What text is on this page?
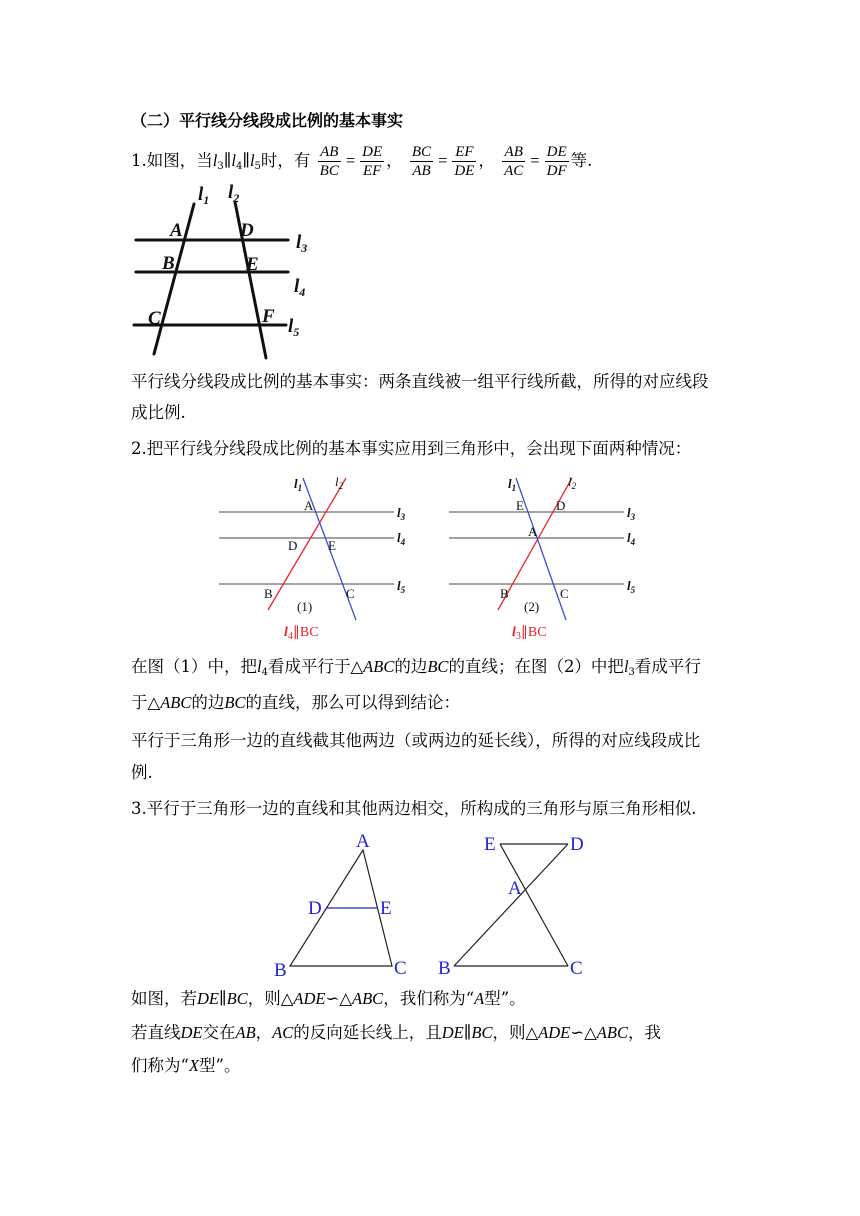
（二）平行线分线段成比例的基本事实
1.如图，当$l_3\parallel l_4\parallel l_5$时，有 $\frac{AB}{BC} = \frac{DE}{EF}$ ， $\frac{BC}{AB} = \frac{EF}{DE}$ ， $\frac{AB}{AC} = \frac{DE}{DF}$ 等.
$l_1$ $l_2$
$l_3$
$l_4$
$l_5$
A	D
B	E
C	F
平行线分线段成比例的基本事实：两条直线被一组平行线所截，所得的对应线段
成比例.
2.把平行线分线段成比例的基本事实应用到三角形中，会出现下面两种情况：
$l_1$	$l_2$
$l_3$
$l_4$
$l_5$
A
D E
B	C
(1)
$l_4\parallel BC$
$l_1$	$l_2$
$l_3$
$l_4$
$l_5$
E D
A
B	C
(2)
$l_3\parallel BC$
在图（1）中，把$l_4$看成平行于△ABC的边BC的直线；在图（2）中把$l_3$看成平行
于△ABC的边BC的直线，那么可以得到结论：
平行于三角形一边的直线截其他两边（或两边的延长线），所得的对应线段成比
例.
3.平行于三角形一边的直线和其他两边相交，所构成的三角形与原三角形相似.
A
D	E
B	C
E	D
A
B	C
如图，若DE∥BC，则△ADE∽△ABC，我们称为“A型”。
若直线DE交在AB，AC的反向延长线上，且DE∥BC，则△ADE∽△ABC，我
们称为“X型”。
